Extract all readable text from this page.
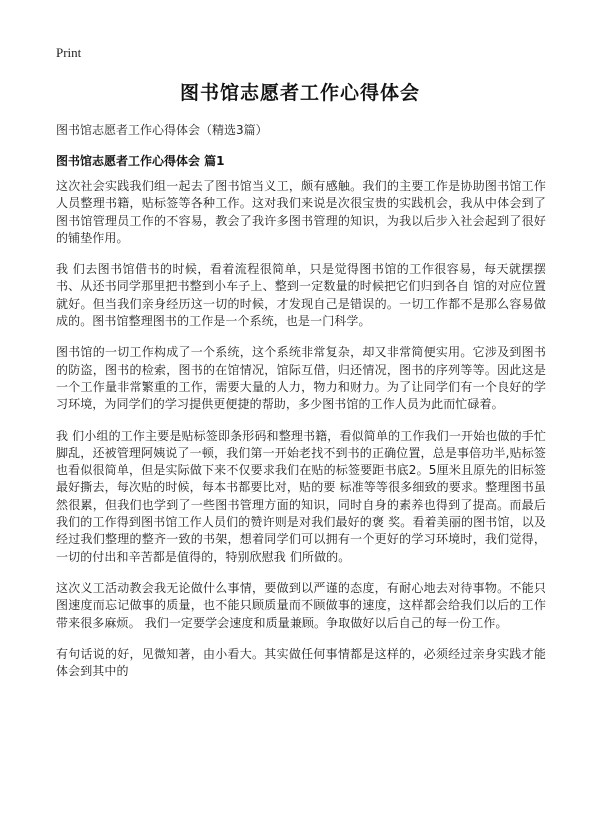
Print
图书馆志愿者工作心得体会
图书馆志愿者工作心得体会（精选3篇）
图书馆志愿者工作心得体会 篇1

这次社会实践我们组一起去了图书馆当义工，颇有感触。我们的主要工作是协助图书馆工作人员整理书籍，贴标签等各种工作。这对我们来说是次很宝贵的实践机会，我从中体会到了图书馆管理员工作的不容易，教会了我许多图书管理的知识，为我以后步入社会起到了很好的铺垫作用。

我 们去图书馆借书的时候，看着流程很简单，只是觉得图书馆的工作很容易，每天就摆摆书、从还书同学那里把书整到小车子上、整到一定数量的时候把它们归到各自 馆的对应位置就好。但当我们亲身经历这一切的时候，才发现自己是错误的。一切工作都不是那么容易做成的。图书馆整理图书的工作是一个系统，也是一门科学。

图书馆的一切工作构成了一个系统，这个系统非常复杂，却又非常简便实用。它涉及到图书的防盗，图书的检索，图书的在馆情况，馆际互借，归还情况，图书的序列等等。因此这是一个工作量非常繁重的工作，需要大量的人力，物力和财力。为了让同学们有一个良好的学习环境，为同学们的学习提供更便捷的帮助，多少图书馆的工作人员为此而忙碌着。

我 们小组的工作主要是贴标签即条形码和整理书籍，看似简单的工作我们一开始也做的手忙脚乱，还被管理阿姨说了一顿，我们第一开始老找不到书的正确位置，总是事倍功半,贴标签也看似很简单，但是实际做下来不仅要求我们在贴的标签要距书底2。5厘米且原先的旧标签最好撕去，每次贴的时候，每本书都要比对，贴的要 标准等等很多细致的要求。整理图书虽然很累，但我们也学到了一些图书管理方面的知识，同时自身的素养也得到了提高。而最后我们的工作得到图书馆工作人员们的赞许则是对我们最好的褒 奖。看着美丽的图书馆，以及经过我们整理的整齐一致的书架，想着同学们可以拥有一个更好的学习环境时，我们觉得，一切的付出和辛苦都是值得的，特别欣慰我 们所做的。

这次义工活动教会我无论做什么事情，要做到以严谨的态度，有耐心地去对待事物。不能只图速度而忘记做事的质量，也不能只顾质量而不顾做事的速度，这样都会给我们以后的工作带来很多麻烦。 我们一定要学会速度和质量兼顾。争取做好以后自己的每一份工作。

有句话说的好，见微知著，由小看大。其实做任何事情都是这样的，必须经过亲身实践才能体会到其中的
